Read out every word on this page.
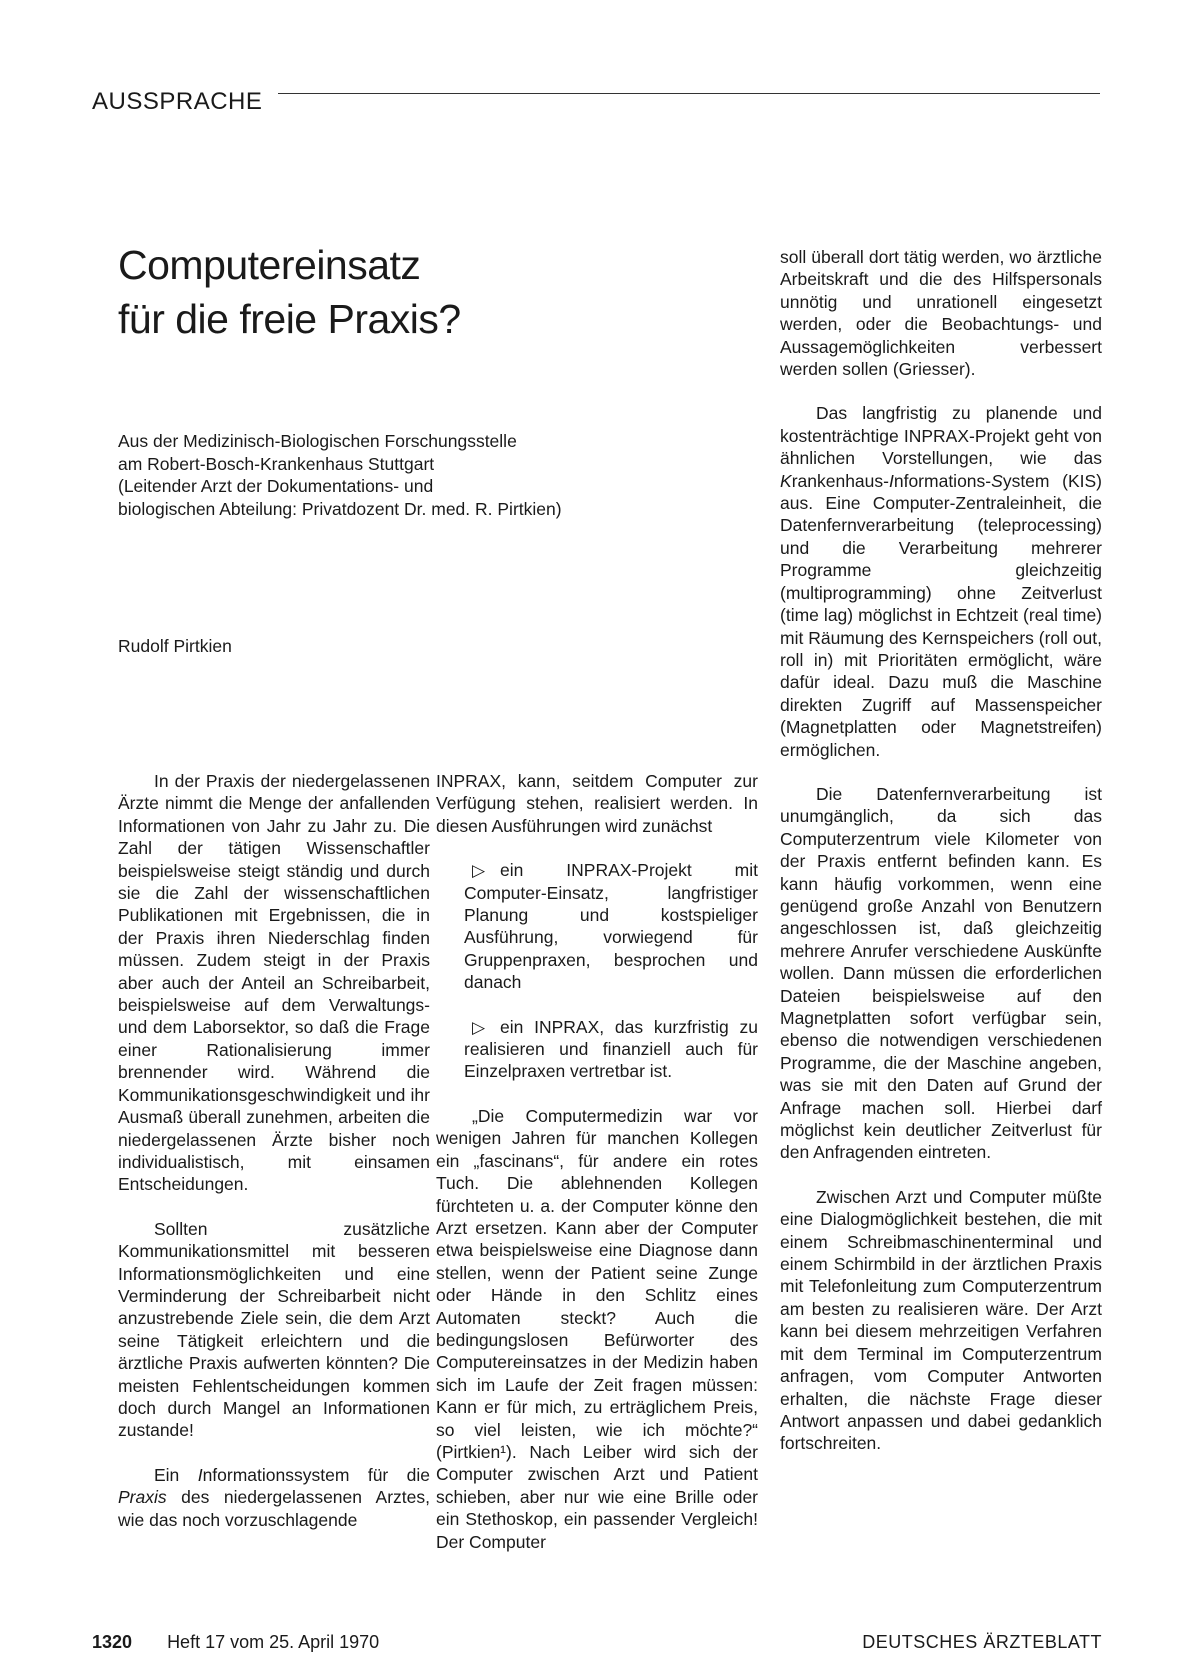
AUSSPRACHE
Computereinsatz
für die freie Praxis?
Aus der Medizinisch-Biologischen Forschungsstelle
am Robert-Bosch-Krankenhaus Stuttgart
(Leitender Arzt der Dokumentations- und
biologischen Abteilung: Privatdozent Dr. med. R. Pirtkien)
Rudolf Pirtkien

In der Praxis der niedergelassenen Ärzte nimmt die Menge der anfallenden Informationen von Jahr zu Jahr zu. Die Zahl der tätigen Wissenschaftler beispielsweise steigt ständig und durch sie die Zahl der wissenschaftlichen Publikationen mit Ergebnissen, die in der Praxis ihren Niederschlag finden müssen. Zudem steigt in der Praxis aber auch der Anteil an Schreibarbeit, beispielsweise auf dem Verwaltungs- und dem Laborsektor, so daß die Frage einer Rationalisierung immer brennender wird. Während die Kommunikationsgeschwindigkeit und ihr Ausmaß überall zunehmen, arbeiten die niedergelassenen Ärzte bisher noch individualistisch, mit einsamen Entscheidungen.

Sollten zusätzliche Kommunikationsmittel mit besseren Informationsmöglichkeiten und eine Verminderung der Schreibarbeit nicht anzustrebende Ziele sein, die dem Arzt seine Tätigkeit erleichtern und die ärztliche Praxis aufwerten könnten? Die meisten Fehlentscheidungen kommen doch durch Mangel an Informationen zustande!

Ein Informationssystem für die Praxis des niedergelassenen Arztes, wie das noch vorzuschlagende

INPRAX, kann, seitdem Computer zur Verfügung stehen, realisiert werden. In diesen Ausführungen wird zunächst

▷ ein INPRAX-Projekt mit Computer-Einsatz, langfristiger Planung und kostspieliger Ausführung, vorwiegend für Gruppenpraxen, besprochen und danach

▷ ein INPRAX, das kurzfristig zu realisieren und finanziell auch für Einzelpraxen vertretbar ist.

„Die Computermedizin war vor wenigen Jahren für manchen Kollegen ein „fascinans“, für andere ein rotes Tuch. Die ablehnenden Kollegen fürchteten u. a. der Computer könne den Arzt ersetzen. Kann aber der Computer etwa beispielsweise eine Diagnose dann stellen, wenn der Patient seine Zunge oder Hände in den Schlitz eines Automaten steckt? Auch die bedingungslosen Befürworter des Computereinsatzes in der Medizin haben sich im Laufe der Zeit fragen müssen: Kann er für mich, zu erträglichem Preis, so viel leisten, wie ich möchte?“ (Pirtkien¹). Nach Leiber wird sich der Computer zwischen Arzt und Patient schieben, aber nur wie eine Brille oder ein Stethoskop, ein passender Vergleich! Der Computer

soll überall dort tätig werden, wo ärztliche Arbeitskraft und die des Hilfspersonals unnötig und unrationell eingesetzt werden, oder die Beobachtungs- und Aussagemöglichkeiten verbessert werden sollen (Griesser).

Das langfristig zu planende und kostenträchtige INPRAX-Projekt geht von ähnlichen Vorstellungen, wie das Krankenhaus-Informations-System (KIS) aus. Eine Computer-Zentraleinheit, die Datenfernverarbeitung (teleprocessing) und die Verarbeitung mehrerer Programme gleichzeitig (multiprogramming) ohne Zeitverlust (time lag) möglichst in Echtzeit (real time) mit Räumung des Kernspeichers (roll out, roll in) mit Prioritäten ermöglicht, wäre dafür ideal. Dazu muß die Maschine direkten Zugriff auf Massenspeicher (Magnetplatten oder Magnetstreifen) ermöglichen.

Die Datenfernverarbeitung ist unumgänglich, da sich das Computerzentrum viele Kilometer von der Praxis entfernt befinden kann. Es kann häufig vorkommen, wenn eine genügend große Anzahl von Benutzern angeschlossen ist, daß gleichzeitig mehrere Anrufer verschiedene Auskünfte wollen. Dann müssen die erforderlichen Dateien beispielsweise auf den Magnetplatten sofort verfügbar sein, ebenso die notwendigen verschiedenen Programme, die der Maschine angeben, was sie mit den Daten auf Grund der Anfrage machen soll. Hierbei darf möglichst kein deutlicher Zeitverlust für den Anfragenden eintreten.

Zwischen Arzt und Computer müßte eine Dialogmöglichkeit bestehen, die mit einem Schreibmaschinenterminal und einem Schirmbild in der ärztlichen Praxis mit Telefonleitung zum Computerzentrum am besten zu realisieren wäre. Der Arzt kann bei diesem mehrzeitigen Verfahren mit dem Terminal im Computerzentrum anfragen, vom Computer Antworten erhalten, die nächste Frage dieser Antwort anpassen und dabei gedanklich fortschreiten.

1320 Heft 17 vom 25. April 1970	DEUTSCHES ÄRZTEBLATT
